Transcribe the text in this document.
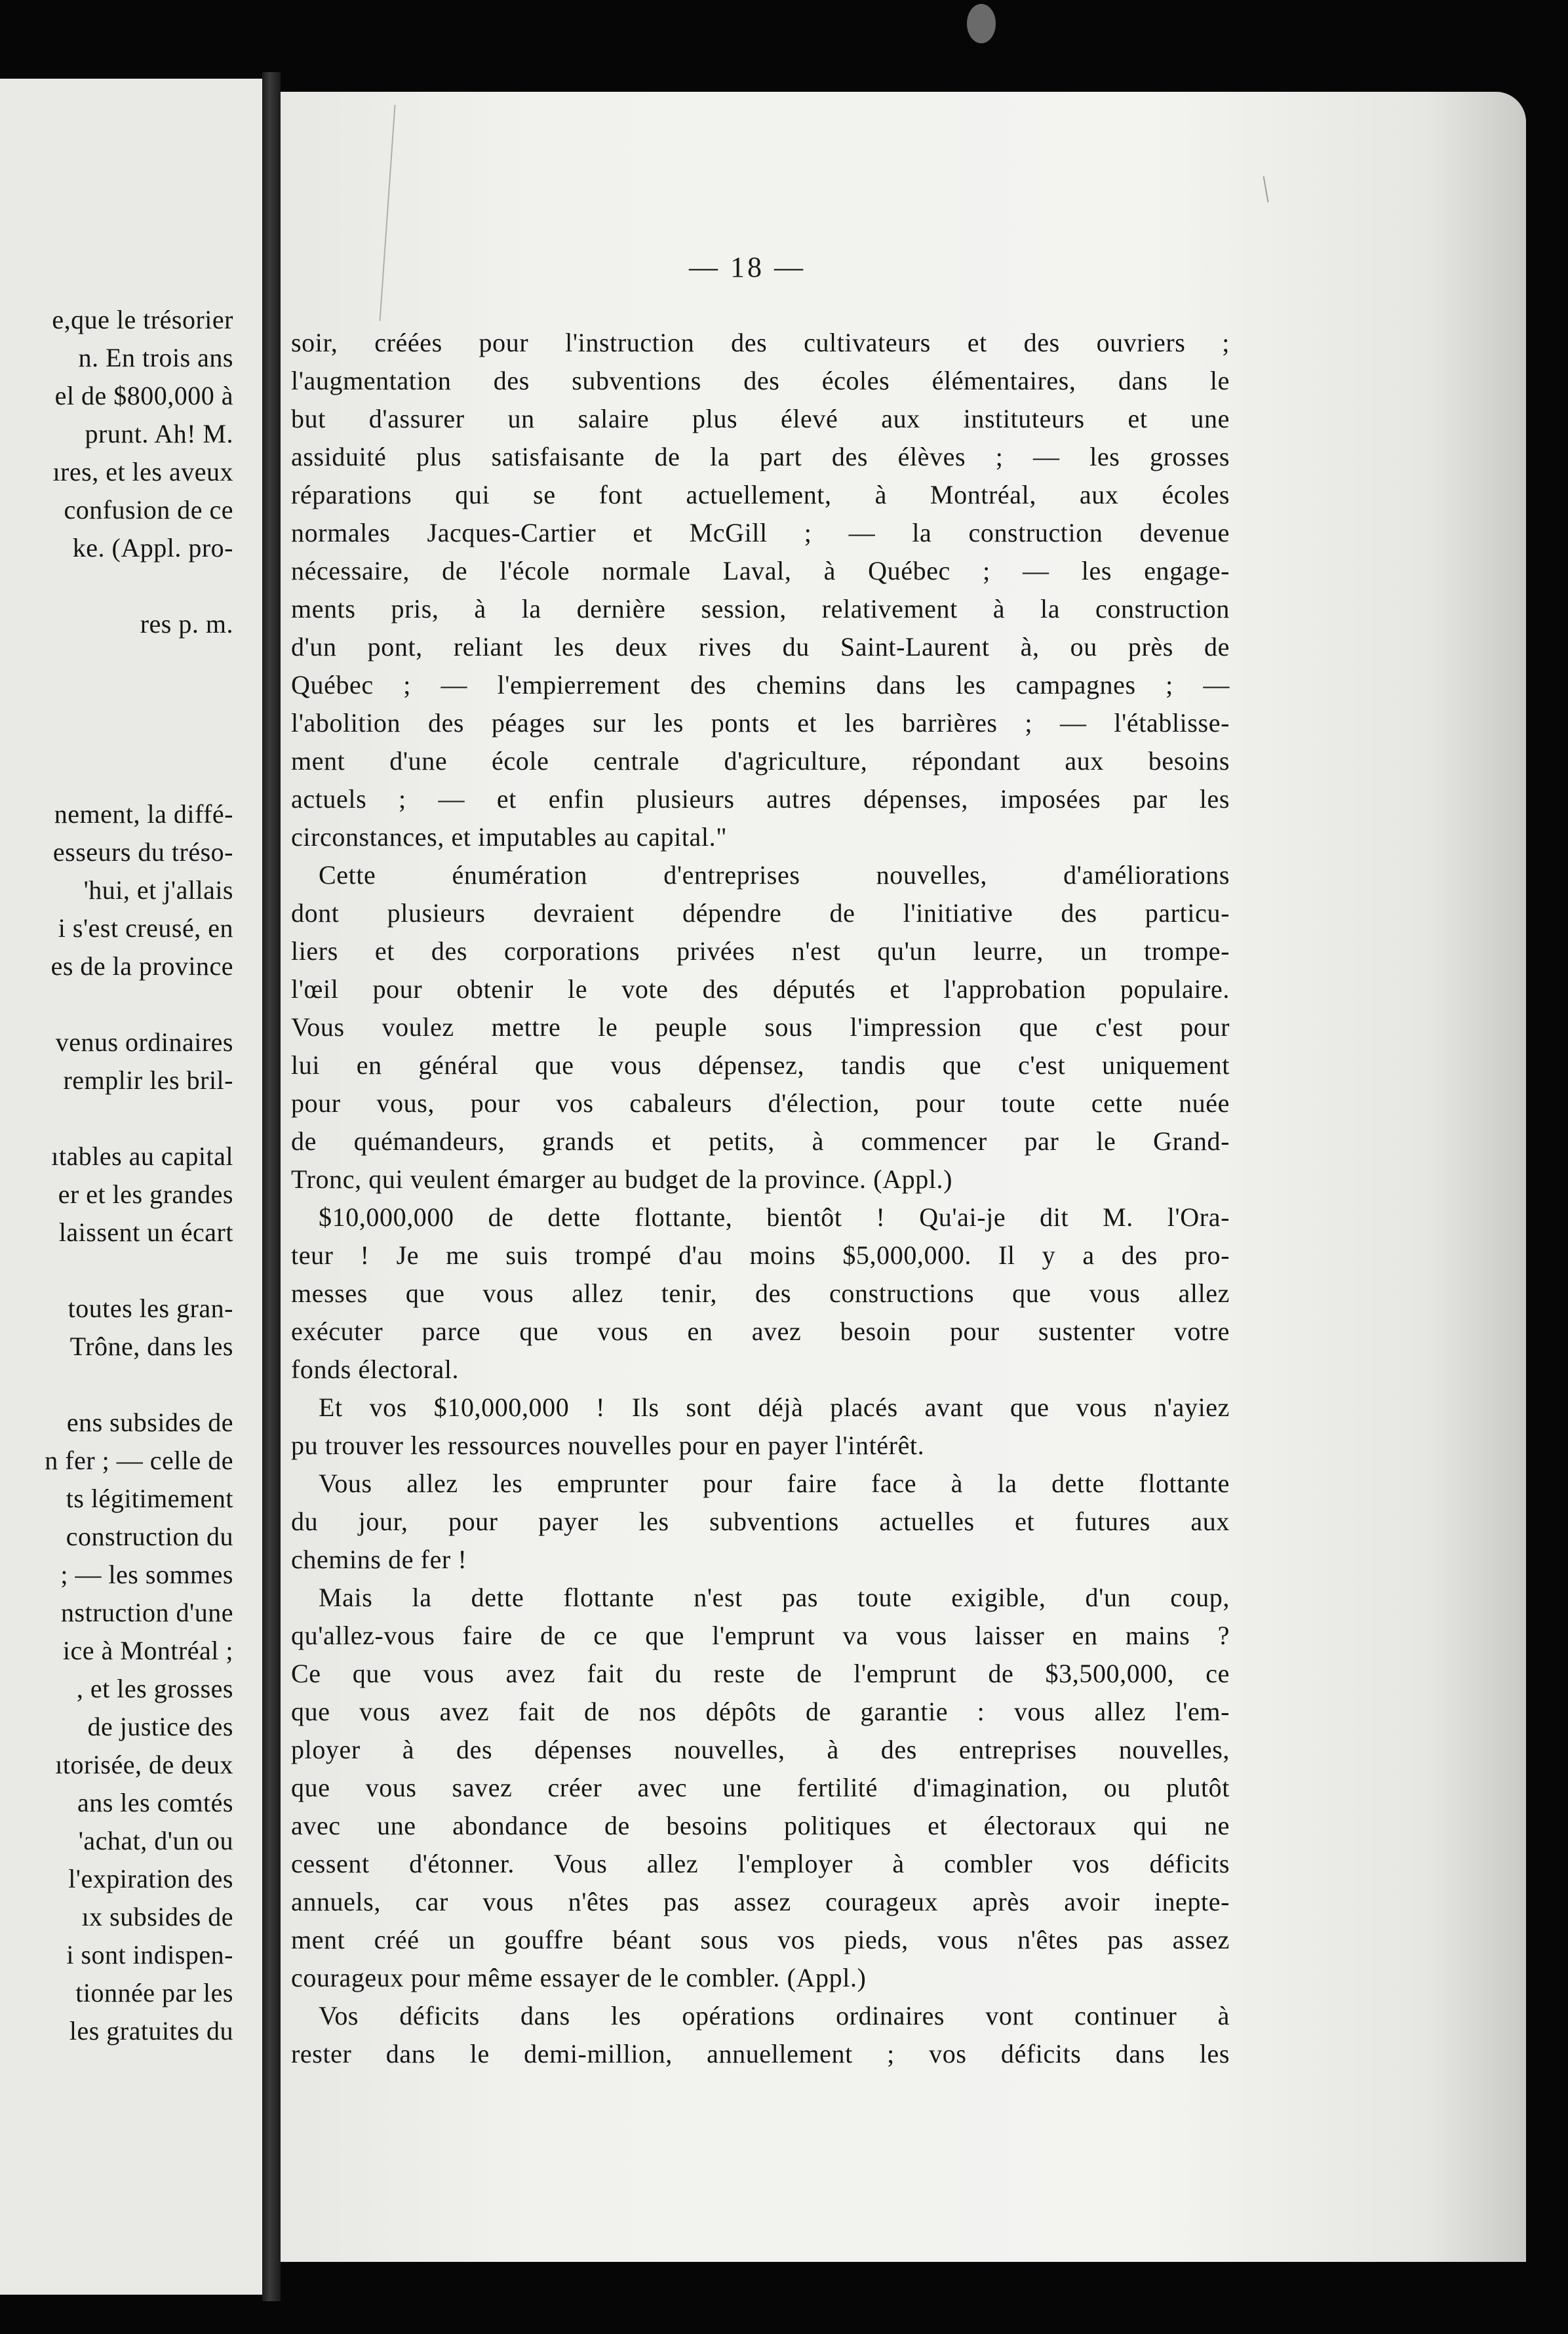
e,que le trésorier
n. En trois ans
el de $800,000 à
prunt. Ah! M.
ıres, et les aveux
confusion de ce
ke. (Appl. pro-
res p. m.
nement, la diffé-
esseurs du tréso-
'hui, et j'allais
i s'est creusé, en
es de la province
venus ordinaires
remplir les bril-
ıtables au capital
er et les grandes
laissent un écart
toutes les gran-
Trône, dans les
ens subsides de
n fer ; — celle de
ts légitimement
construction du
; — les sommes
nstruction d'une
ice à Montréal ;
, et les grosses
de justice des
ıtorisée, de deux
ans les comtés
'achat, d'un ou
l'expiration des
ıx subsides de
i sont indispen-
tionnée par les
les gratuites du
— 18 —
soir, créées pour l'instruction des cultivateurs et des ouvriers ;
l'augmentation des subventions des écoles élémentaires, dans le
but d'assurer un salaire plus élevé aux instituteurs et une
assiduité plus satisfaisante de la part des élèves ; — les grosses
réparations qui se font actuellement, à Montréal, aux écoles
normales Jacques-Cartier et McGill ; — la construction devenue
nécessaire, de l'école normale Laval, à Québec ; — les engage-
ments pris, à la dernière session, relativement à la construction
d'un pont, reliant les deux rives du Saint-Laurent à, ou près de
Québec ; — l'empierrement des chemins dans les campagnes ; —
l'abolition des péages sur les ponts et les barrières ; — l'établisse-
ment d'une école centrale d'agriculture, répondant aux besoins
actuels ; — et enfin plusieurs autres dépenses, imposées par les
circonstances, et imputables au capital."
Cette énumération d'entreprises nouvelles, d'améliorations
dont plusieurs devraient dépendre de l'initiative des particu-
liers et des corporations privées n'est qu'un leurre, un trompe-
l'œil pour obtenir le vote des députés et l'approbation populaire.
Vous voulez mettre le peuple sous l'impression que c'est pour
lui en général que vous dépensez, tandis que c'est uniquement
pour vous, pour vos cabaleurs d'élection, pour toute cette nuée
de quémandeurs, grands et petits, à commencer par le Grand-
Tronc, qui veulent émarger au budget de la province. (Appl.)
$10,000,000 de dette flottante, bientôt ! Qu'ai-je dit M. l'Ora-
teur ! Je me suis trompé d'au moins $5,000,000. Il y a des pro-
messes que vous allez tenir, des constructions que vous allez
exécuter parce que vous en avez besoin pour sustenter votre
fonds électoral.
Et vos $10,000,000 ! Ils sont déjà placés avant que vous n'ayiez
pu trouver les ressources nouvelles pour en payer l'intérêt.
Vous allez les emprunter pour faire face à la dette flottante
du jour, pour payer les subventions actuelles et futures aux
chemins de fer !
Mais la dette flottante n'est pas toute exigible, d'un coup,
qu'allez-vous faire de ce que l'emprunt va vous laisser en mains ?
Ce que vous avez fait du reste de l'emprunt de $3,500,000, ce
que vous avez fait de nos dépôts de garantie : vous allez l'em-
ployer à des dépenses nouvelles, à des entreprises nouvelles,
que vous savez créer avec une fertilité d'imagination, ou plutôt
avec une abondance de besoins politiques et électoraux qui ne
cessent d'étonner. Vous allez l'employer à combler vos déficits
annuels, car vous n'êtes pas assez courageux après avoir inepte-
ment créé un gouffre béant sous vos pieds, vous n'êtes pas assez
courageux pour même essayer de le combler. (Appl.)
Vos déficits dans les opérations ordinaires vont continuer à
rester dans le demi-million, annuellement ; vos déficits dans les
